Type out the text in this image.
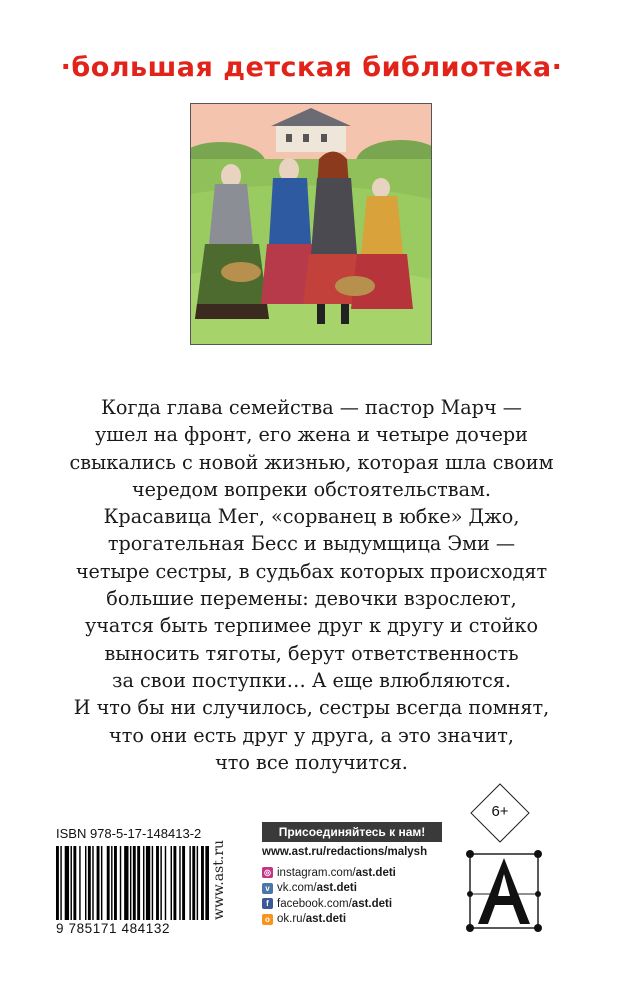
·большая детская библиотека·
Когда глава семейства — пастор Марч —
ушел на фронт, его жена и четыре дочери
свыкались с новой жизнью, которая шла своим
чередом вопреки обстоятельствам.
Красавица Мег, «сорванец в юбке» Джо,
трогательная Бесс и выдумщица Эми —
четыре сестры, в судьбах которых происходят
большие перемены: девочки взрослеют,
учатся быть терпимее друг к другу и стойко
выносить тяготы, берут ответственность
за свои поступки… А еще влюбляются.
И что бы ни случилось, сестры всегда помнят,
что они есть друг у друга, а это значит,
что все получится.
ISBN 978-5-17-148413-2
9 785171 484132
www.ast.ru
Присоединяйтесь к нам!
www.ast.ru/redactions/malysh
◎ instagram.com/ ast.deti
v vk.com/ ast.deti
f facebook.com/ ast.deti
o ok.ru/ ast.deti
6+
